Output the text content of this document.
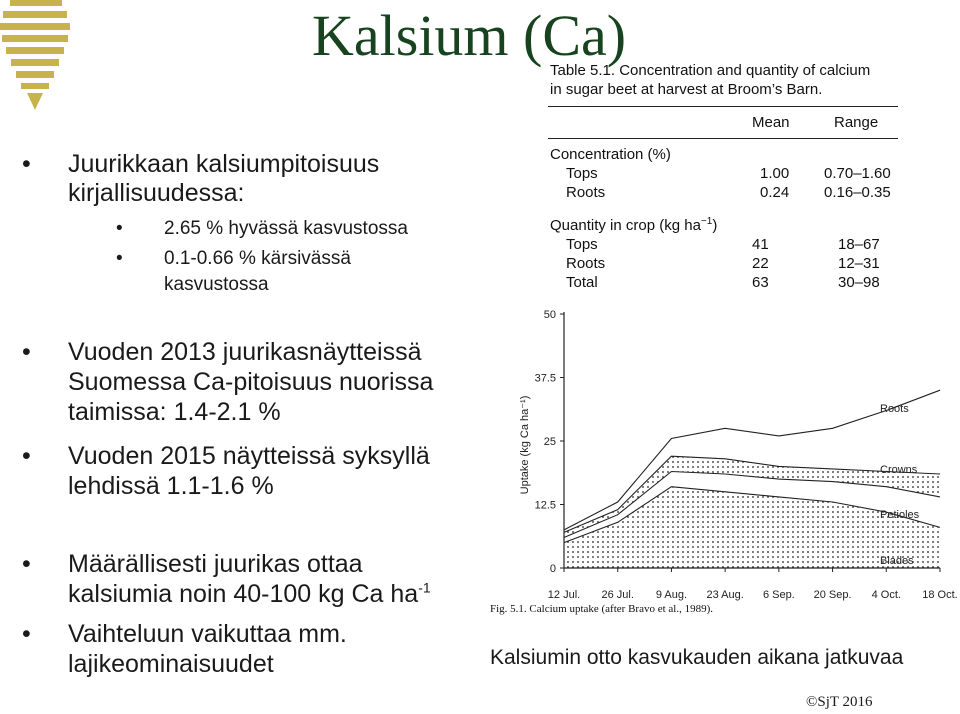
Kalsium (Ca)
•	Juurikkaan kalsiumpitoisuus
kirjallisuudessa:
• 2.65 % hyvässä kasvustossa
• 0.1-0.66 % kärsivässä
kasvustossa
•	Vuoden 2013 juurikasnäytteissä
Suomessa Ca-pitoisuus nuorissa
taimissa: 1.4-2.1 %
•	Vuoden 2015 näytteissä syksyllä
lehdissä 1.1-1.6 %
•	Määrällisesti juurikas ottaa
kalsiumia noin 40-100 kg Ca $ha^{-1}$
•	Vaihteluun vaikuttaa mm.
lajikeominaisuudet
Table 5.1. Concentration and quantity of calcium
in sugar beet at harvest at Broom’s Barn.
Mean	Range
Concentration (%)
Tops	1.00 0.70–1.60
Roots	0.24 0.16–0.35
Quantity in crop (kg $ha^{-1}$)
Tops	41	18–67
Roots	22	12–31
Total	63	30–98
0
12.5
25
37.5
50
12 Jul. 26 Jul. 9 Aug. 23 Aug. 6 Sep. 20 Sep. 4 Oct. 18 Oct.
Uptake (kg Ca ha⁻¹)
Blades
Petioles
Crowns
Roots
Fig. 5.1. Calcium uptake (after Bravo et al., 1989).
Kalsiumin otto kasvukauden aikana jatkuvaa
©SjT 2016
